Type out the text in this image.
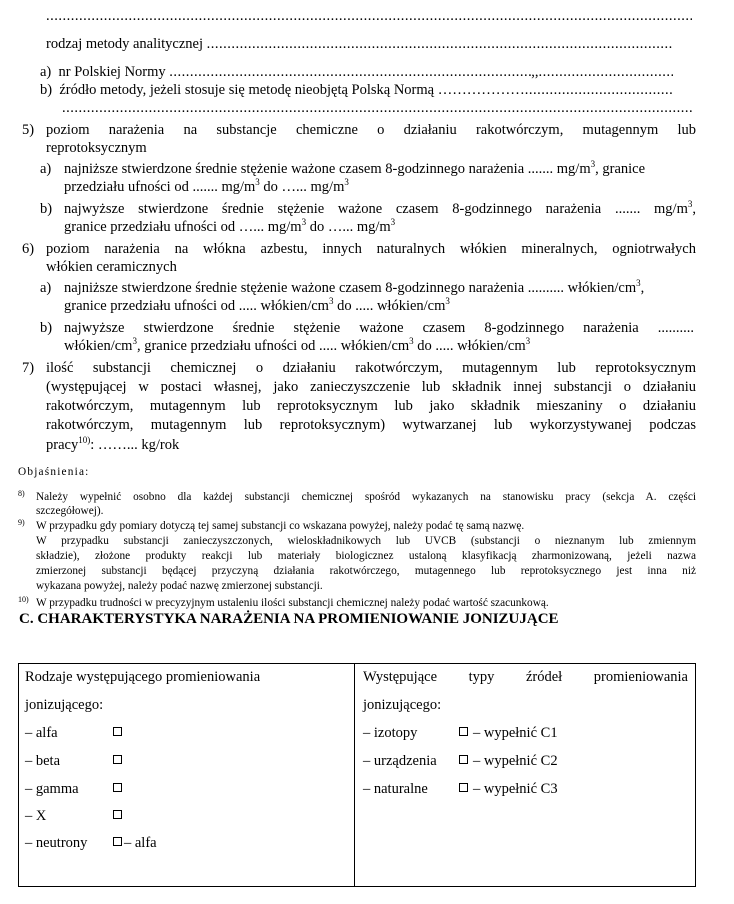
.....
rodzaj metody analitycznej .....
a) nr Polskiej Normy .....	,,.....
b) źródło metody, jeżeli stosuje się metodę nieobjętą Polską Normą ……………….....
.....
5) poziom narażenia na substancje chemiczne o działaniu rakotwórczym, mutagennym lub
reprotoksycznym
a) najniższe stwierdzone średnie stężenie ważone czasem 8-godzinnego narażenia ....... $mg/m^3$, granice
przedziału ufności od ....... $mg/m^3$ do …... $mg/m^3$
b) najwyższe stwierdzone średnie stężenie ważone czasem 8-godzinnego narażenia ....... $mg/m^3$,
granice przedziału ufności od …... $mg/m^3$ do …... $mg/m^3$
6) poziom narażenia na włókna azbestu, innych naturalnych włókien mineralnych, ogniotrwałych
włókien ceramicznych
a) najniższe stwierdzone średnie stężenie ważone czasem 8-godzinnego narażenia .......... włókien/$cm^3$,
granice przedziału ufności od ..... włókien/$cm^3$ do ..... włókien/$cm^3$
b) najwyższe stwierdzone średnie stężenie ważone czasem 8-godzinnego narażenia ..........
włókien/$cm^3$, granice przedziału ufności od ..... włókien/$cm^3$ do ..... włókien/$cm^3$
7) ilość substancji chemicznej o działaniu rakotwórczym, mutagennym lub reprotoksycznym
(występującej w postaci własnej, jako zanieczyszczenie lub składnik innej substancji o działaniu
rakotwórczym, mutagennym lub reprotoksycznym lub jako składnik mieszaniny o działaniu
rakotwórczym, mutagennym lub reprotoksycznym) wytwarzanej lub wykorzystywanej podczas
pracy$^{10)}$: ……... kg/rok
Objaśnienia:
8) Należy wypełnić osobno dla każdej substancji chemicznej spośród wykazanych na stanowisku pracy (sekcja A. części
szczegółowej).
9) W przypadku gdy pomiary dotyczą tej samej substancji co wskazana powyżej, należy podać tę samą nazwę.
W przypadku substancji zanieczyszczonych, wieloskładnikowych lub UVCB (substancji o nieznanym lub zmiennym
składzie), złożone produkty reakcji lub materiały biologicznez ustaloną klasyfikacją zharmonizowaną, jeżeli nazwa
zmierzonej substancji będącej przyczyną działania rakotwórczego, mutagennego lub reprotoksycznego jest inna niż
wykazana powyżej, należy podać nazwę zmierzonej substancji.
10) W przypadku trudności w precyzyjnym ustaleniu ilości substancji chemicznej należy podać wartość szacunkową.
C. CHARAKTERYSTYKA NARAŻENIA NA PROMIENIOWANIE JONIZUJĄCE
Rodzaje występującego promieniowania
jonizującego:
– alfa
– beta
– gamma
– X
– neutrony	– alfa
Występujące typy źródeł promieniowania
jonizującego:
– izotopy	– wypełnić C1
– urządzenia	– wypełnić C2
– naturalne	– wypełnić C3
